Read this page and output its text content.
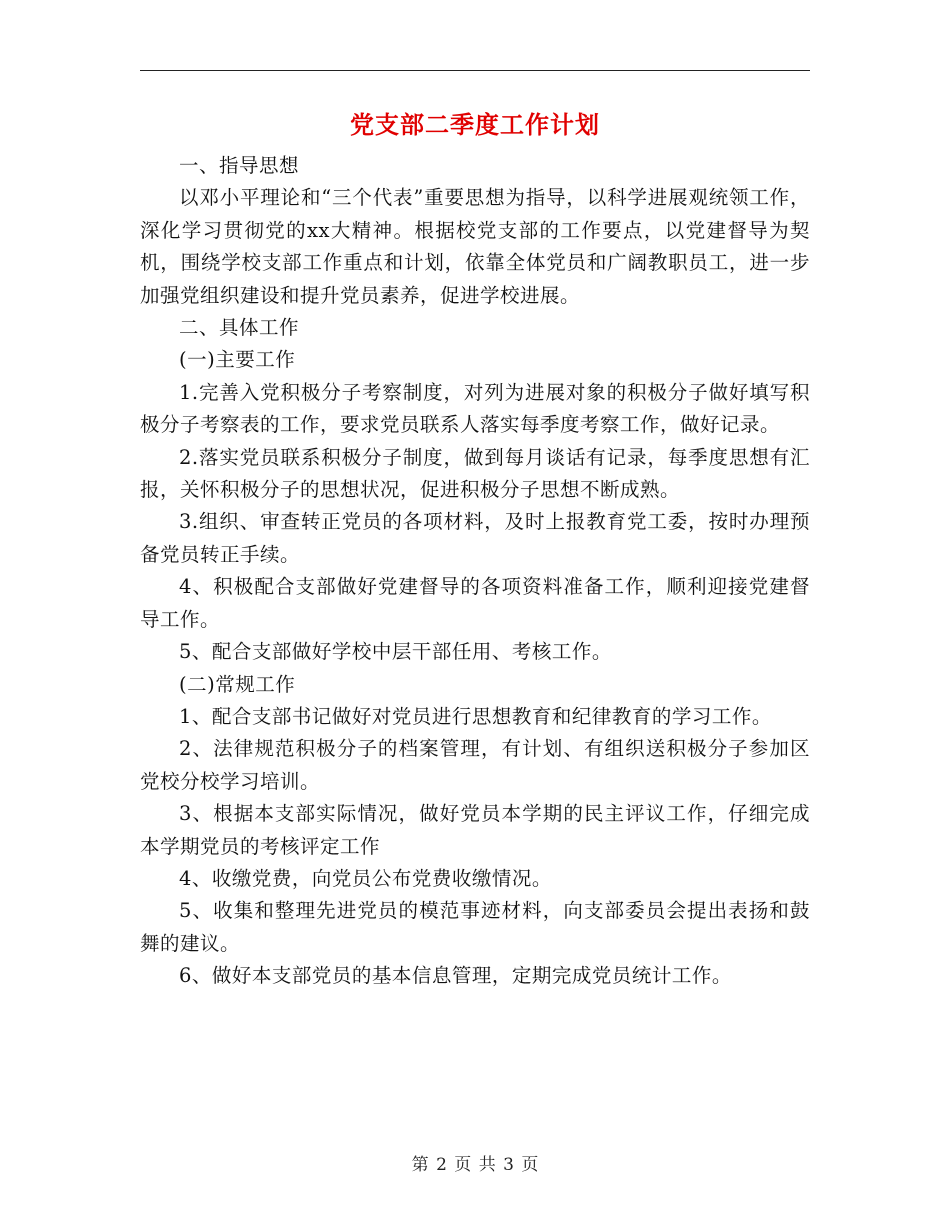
党支部二季度工作计划

一、指导思想

以邓小平理论和“三个代表”重要思想为指导，以科学进展观统领工作，深化学习贯彻党的xx大精神。根据校党支部的工作要点，以党建督导为契机，围绕学校支部工作重点和计划，依靠全体党员和广阔教职员工，进一步加强党组织建设和提升党员素养，促进学校进展。

二、具体工作

(一)主要工作

1.完善入党积极分子考察制度，对列为进展对象的积极分子做好填写积极分子考察表的工作，要求党员联系人落实每季度考察工作，做好记录。

2.落实党员联系积极分子制度，做到每月谈话有记录，每季度思想有汇报，关怀积极分子的思想状况，促进积极分子思想不断成熟。

3.组织、审查转正党员的各项材料，及时上报教育党工委，按时办理预备党员转正手续。

4、积极配合支部做好党建督导的各项资料准备工作，顺利迎接党建督导工作。

5、配合支部做好学校中层干部任用、考核工作。

(二)常规工作

1、配合支部书记做好对党员进行思想教育和纪律教育的学习工作。

2、法律规范积极分子的档案管理，有计划、有组织送积极分子参加区党校分校学习培训。

3、根据本支部实际情况，做好党员本学期的民主评议工作，仔细完成本学期党员的考核评定工作

4、收缴党费，向党员公布党费收缴情况。

5、收集和整理先进党员的模范事迹材料，向支部委员会提出表扬和鼓舞的建议。

6、做好本支部党员的基本信息管理，定期完成党员统计工作。

第 2 页 共 3 页
